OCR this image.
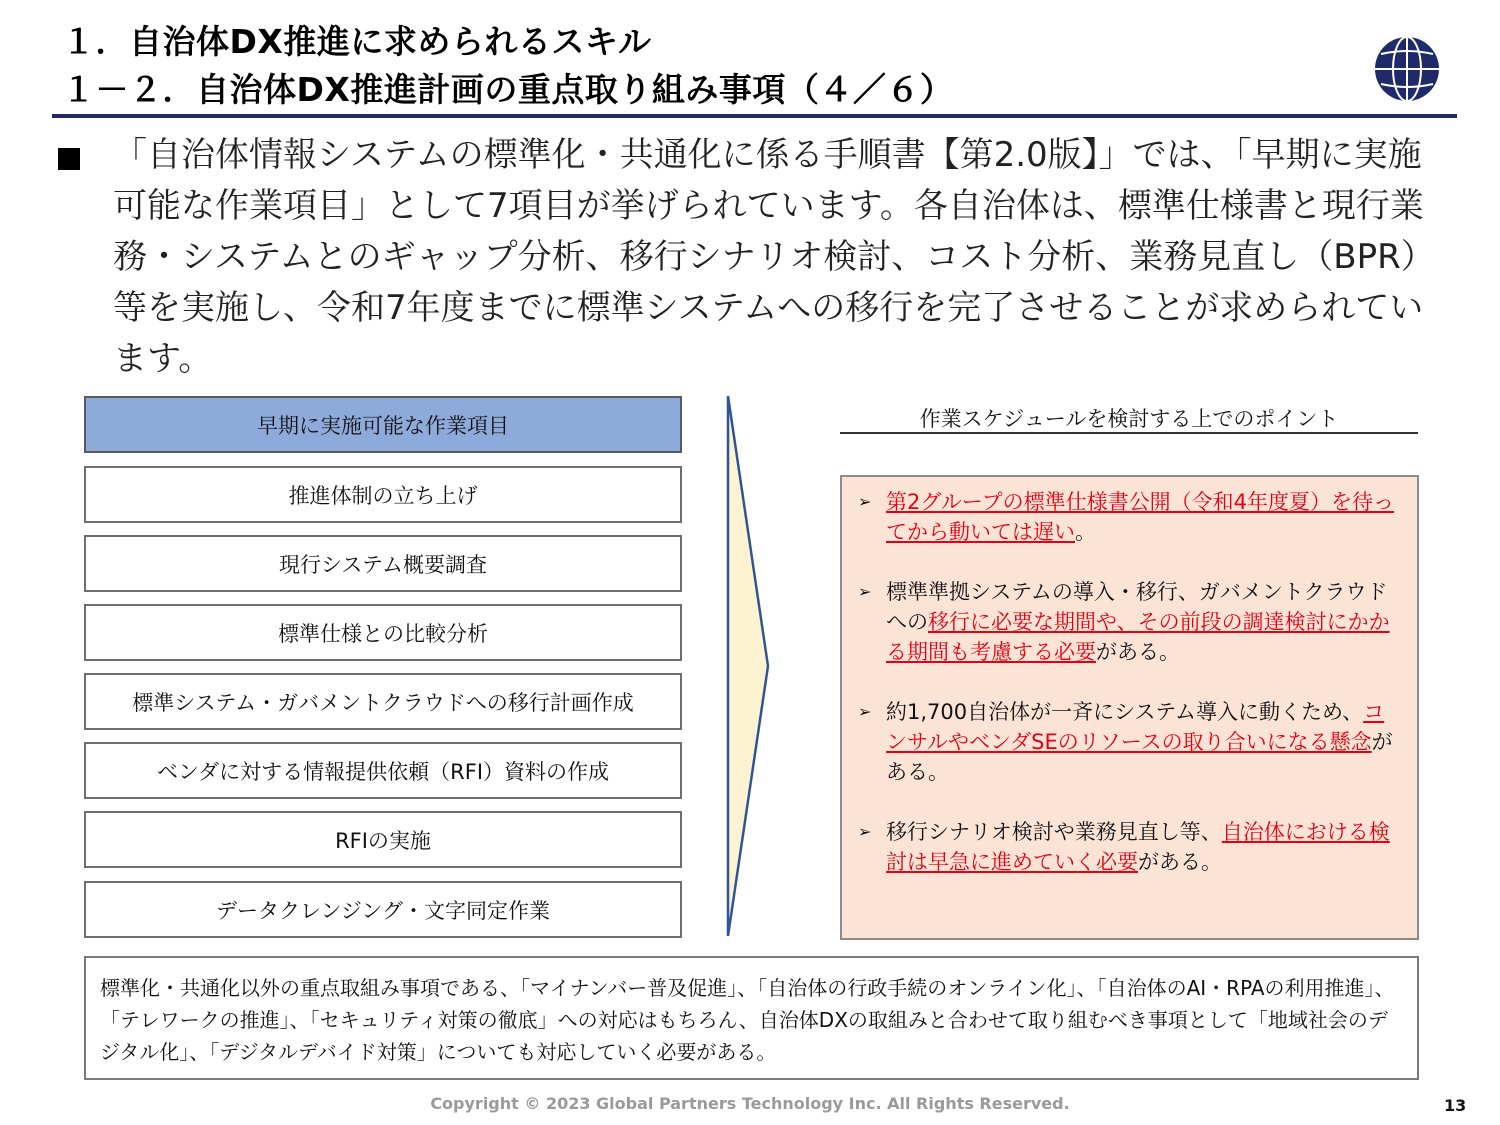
１．自治体DX推進に求められるスキル
１－２．自治体DX推進計画の重点取り組み事項（４／６）
「自治体情報システムの標準化・共通化に係る手順書【第2.0版】」では、「早期に実施可能な作業項目」として7項目が挙げられています。各自治体は、標準仕様書と現行業務・システムとのギャップ分析、移行シナリオ検討、コスト分析、業務見直し（BPR）等を実施し、令和7年度までに標準システムへの移行を完了させることが求められています。
早期に実施可能な作業項目
推進体制の立ち上げ
現行システム概要調査
標準仕様との比較分析
標準システム・ガバメントクラウドへの移行計画作成
ベンダに対する情報提供依頼（RFI）資料の作成
RFIの実施
データクレンジング・文字同定作業
作業スケジュールを検討する上でのポイント
➢ 第2グループの標準仕様書公開（令和4年度夏）を待ってから動いては遅い。
➢ 標準準拠システムの導入・移行、ガバメントクラウドへの移行に必要な期間や、その前段の調達検討にかかる期間も考慮する必要がある。
➢ 約1,700自治体が一斉にシステム導入に動くため、コンサルやベンダSEのリソースの取り合いになる懸念がある。
➢ 移行シナリオ検討や業務見直し等、自治体における検討は早急に進めていく必要がある。
標準化・共通化以外の重点取組み事項である、「マイナンバー普及促進」、「自治体の行政手続のオンライン化」、「自治体のAI・RPAの利用推進」、「テレワークの推進」、「セキュリティ対策の徹底」への対応はもちろん、自治体DXの取組みと合わせて取り組むべき事項として「地域社会のデジタル化」、「デジタルデバイド対策」についても対応していく必要がある。
Copyright © 2023 Global Partners Technology Inc. All Rights Reserved.	13
